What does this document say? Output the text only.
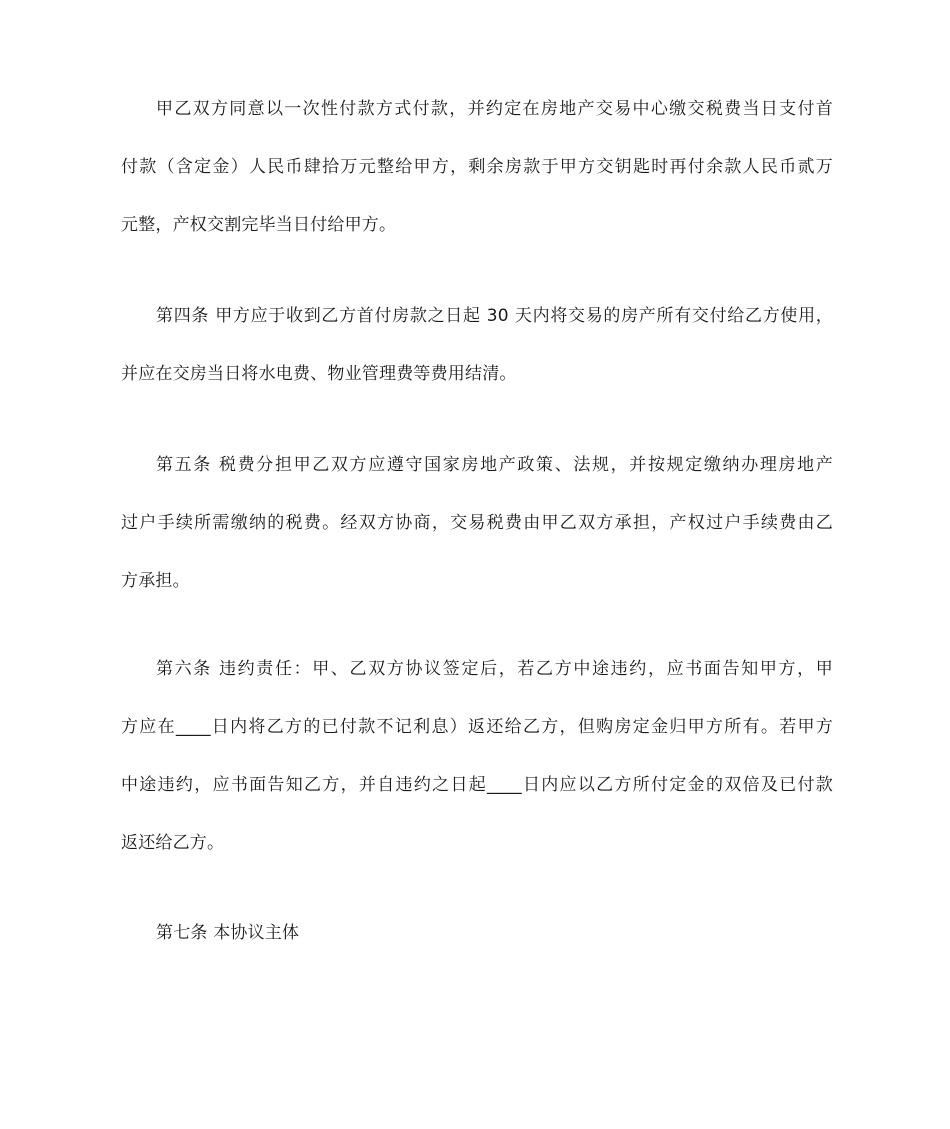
甲乙双方同意以一次性付款方式付款，并约定在房地产交易中心缴交税费当日支付首
付款（含定金）人民币肆拾万元整给甲方，剩余房款于甲方交钥匙时再付余款人民币贰万
元整，产权交割完毕当日付给甲方。
第四条 甲方应于收到乙方首付房款之日起 30 天内将交易的房产所有交付给乙方使用，
并应在交房当日将水电费、物业管理费等费用结清。
第五条 税费分担甲乙双方应遵守国家房地产政策、法规，并按规定缴纳办理房地产
过户手续所需缴纳的税费。经双方协商，交易税费由甲乙双方承担，产权过户手续费由乙
方承担。
第六条 违约责任：甲、乙双方协议签定后，若乙方中途违约，应书面告知甲方，甲
方应在____日内将乙方的已付款不记利息）返还给乙方，但购房定金归甲方所有。若甲方
中途违约，应书面告知乙方，并自违约之日起____日内应以乙方所付定金的双倍及已付款
返还给乙方。
第七条 本协议主体
